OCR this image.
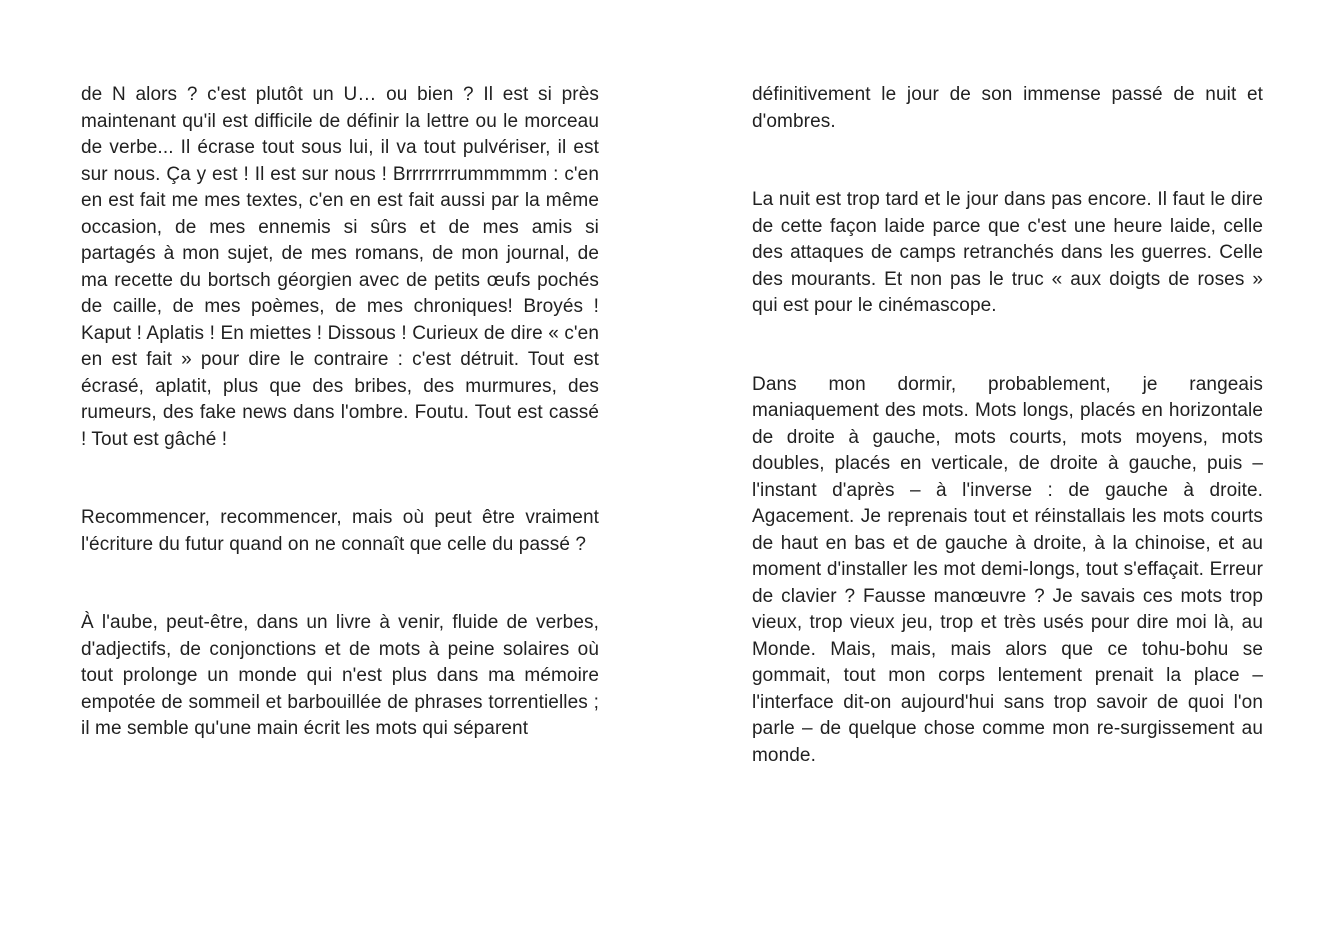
de N alors ? c'est plutôt un U… ou bien ? Il est si près maintenant qu'il est difficile de définir la lettre ou le morceau de verbe... Il écrase tout sous lui, il va tout pulvériser, il est sur nous. Ça y est ! Il est sur nous ! Brrrrrrrrummmmm : c'en en est fait me mes textes, c'en en est fait aussi par la même occasion, de mes ennemis si sûrs et de mes amis si partagés à mon sujet, de mes romans, de mon journal, de ma recette du bortsch géorgien avec de petits œufs pochés de caille, de mes poèmes, de mes chroniques! Broyés ! Kaput ! Aplatis ! En miettes ! Dissous ! Curieux de dire « c'en en est fait » pour dire le contraire : c'est détruit. Tout est écrasé, aplatit, plus que des bribes, des murmures, des rumeurs, des fake news dans l'ombre. Foutu. Tout est cassé ! Tout est gâché !

Recommencer, recommencer, mais où peut être vraiment l'écriture du futur quand on ne connaît que celle du passé ?

À l'aube, peut-être, dans un livre à venir, fluide de verbes, d'adjectifs, de conjonctions et de mots à peine solaires où tout prolonge un monde qui n'est plus dans ma mémoire empotée de sommeil et barbouillée de phrases torrentielles ; il me semble qu'une main écrit les mots qui séparent

définitivement le jour de son immense passé de nuit et d'ombres.

La nuit est trop tard et le jour dans pas encore. Il faut le dire de cette façon laide parce que c'est une heure laide, celle des attaques de camps retranchés dans les guerres. Celle des mourants. Et non pas le truc « aux doigts de roses » qui est pour le cinémascope.

Dans mon dormir, probablement, je rangeais maniaquement des mots. Mots longs, placés en horizontale de droite à gauche, mots courts, mots moyens, mots doubles, placés en verticale, de droite à gauche, puis – l'instant d'après – à l'inverse : de gauche à droite. Agacement. Je reprenais tout et réinstallais les mots courts de haut en bas et de gauche à droite, à la chinoise, et au moment d'installer les mot demi-longs, tout s'effaçait. Erreur de clavier ? Fausse manœuvre ? Je savais ces mots trop vieux, trop vieux jeu, trop et très usés pour dire moi là, au Monde. Mais, mais, mais alors que ce tohu-bohu se gommait, tout mon corps lentement prenait la place – l'interface dit-on aujourd'hui sans trop savoir de quoi l'on parle – de quelque chose comme mon re-surgissement au monde.
